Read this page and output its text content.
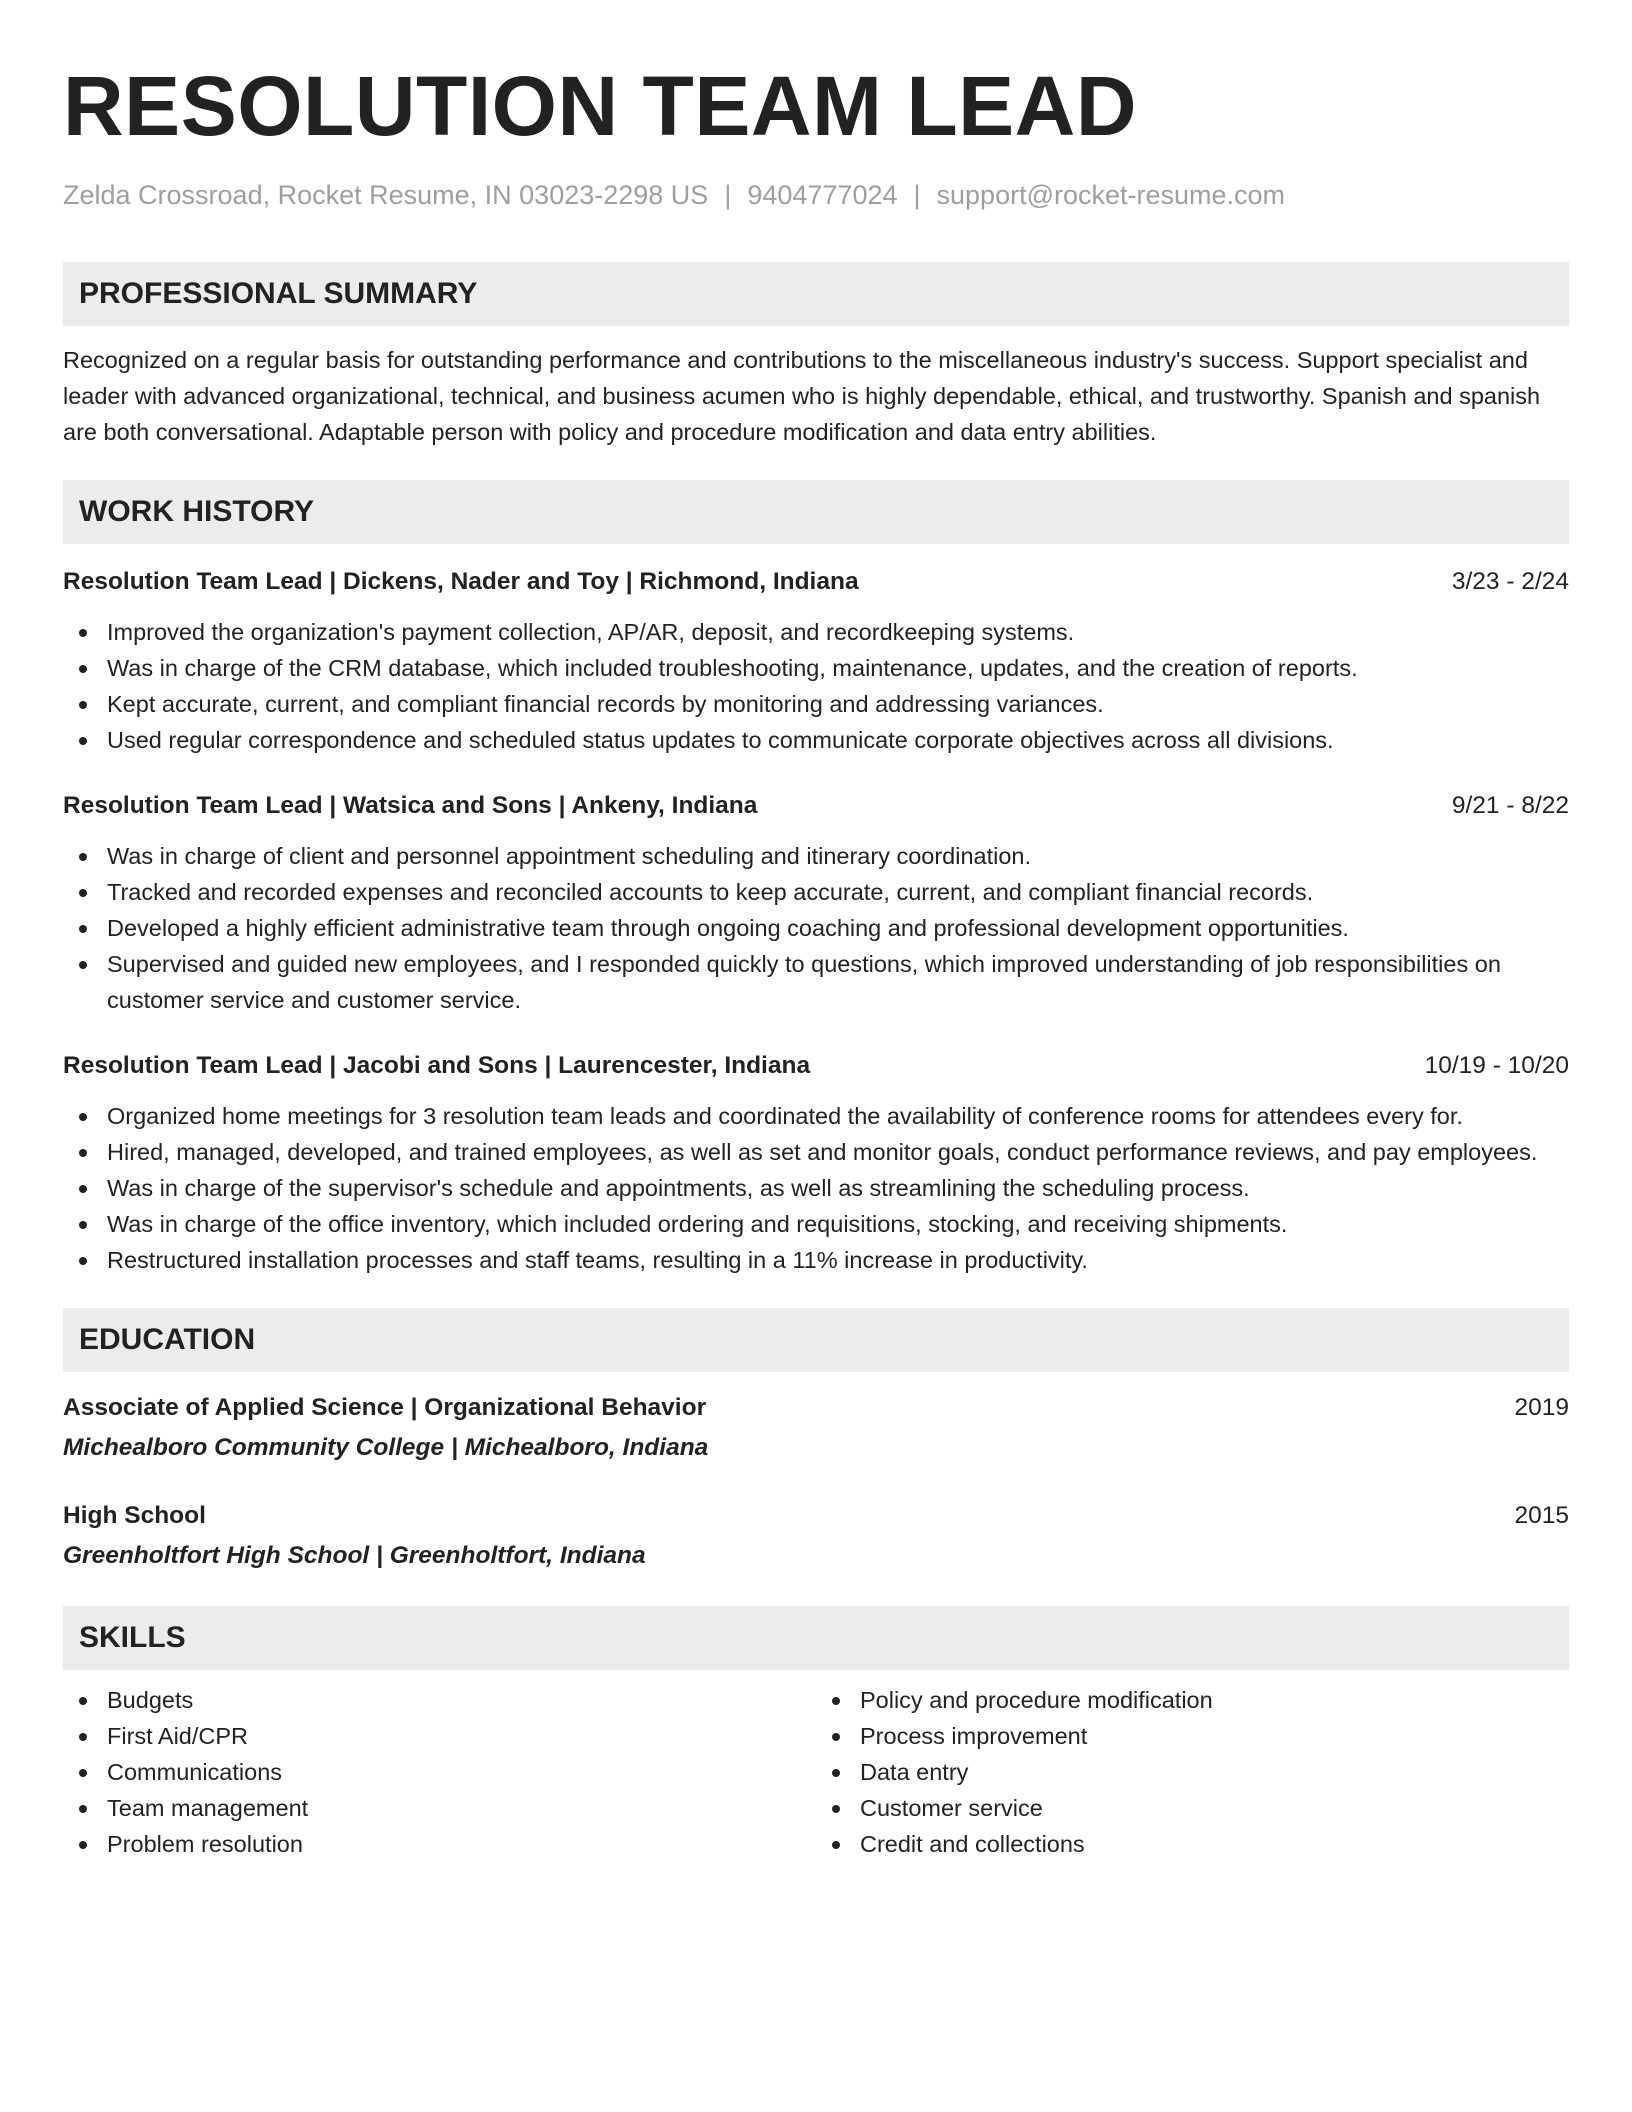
RESOLUTION TEAM LEAD
Zelda Crossroad, Rocket Resume, IN 03023-2298 US | 9404777024 | support@rocket-resume.com
PROFESSIONAL SUMMARY

Recognized on a regular basis for outstanding performance and contributions to the miscellaneous industry's success. Support specialist and leader with advanced organizational, technical, and business acumen who is highly dependable, ethical, and trustworthy. Spanish and spanish are both conversational. Adaptable person with policy and procedure modification and data entry abilities.

WORK HISTORY
Resolution Team Lead | Dickens, Nader and Toy | Richmond, Indiana	3/23 - 2/24
Improved the organization's payment collection, AP/AR, deposit, and recordkeeping systems.
Was in charge of the CRM database, which included troubleshooting, maintenance, updates, and the creation of reports.
Kept accurate, current, and compliant financial records by monitoring and addressing variances.
Used regular correspondence and scheduled status updates to communicate corporate objectives across all divisions.
Resolution Team Lead | Watsica and Sons | Ankeny, Indiana	9/21 - 8/22
Was in charge of client and personnel appointment scheduling and itinerary coordination.
Tracked and recorded expenses and reconciled accounts to keep accurate, current, and compliant financial records.
Developed a highly efficient administrative team through ongoing coaching and professional development opportunities.
Supervised and guided new employees, and I responded quickly to questions, which improved understanding of job responsibilities on customer service and customer service.
Resolution Team Lead | Jacobi and Sons | Laurencester, Indiana	10/19 - 10/20
Organized home meetings for 3 resolution team leads and coordinated the availability of conference rooms for attendees every for.
Hired, managed, developed, and trained employees, as well as set and monitor goals, conduct performance reviews, and pay employees.
Was in charge of the supervisor's schedule and appointments, as well as streamlining the scheduling process.
Was in charge of the office inventory, which included ordering and requisitions, stocking, and receiving shipments.
Restructured installation processes and staff teams, resulting in a 11% increase in productivity.
EDUCATION
Associate of Applied Science | Organizational Behavior	2019
Michealboro Community College | Michealboro, Indiana
High School	2015
Greenholtfort High School | Greenholtfort, Indiana
SKILLS
Budgets
First Aid/CPR
Communications
Team management
Problem resolution
Policy and procedure modification
Process improvement
Data entry
Customer service
Credit and collections
